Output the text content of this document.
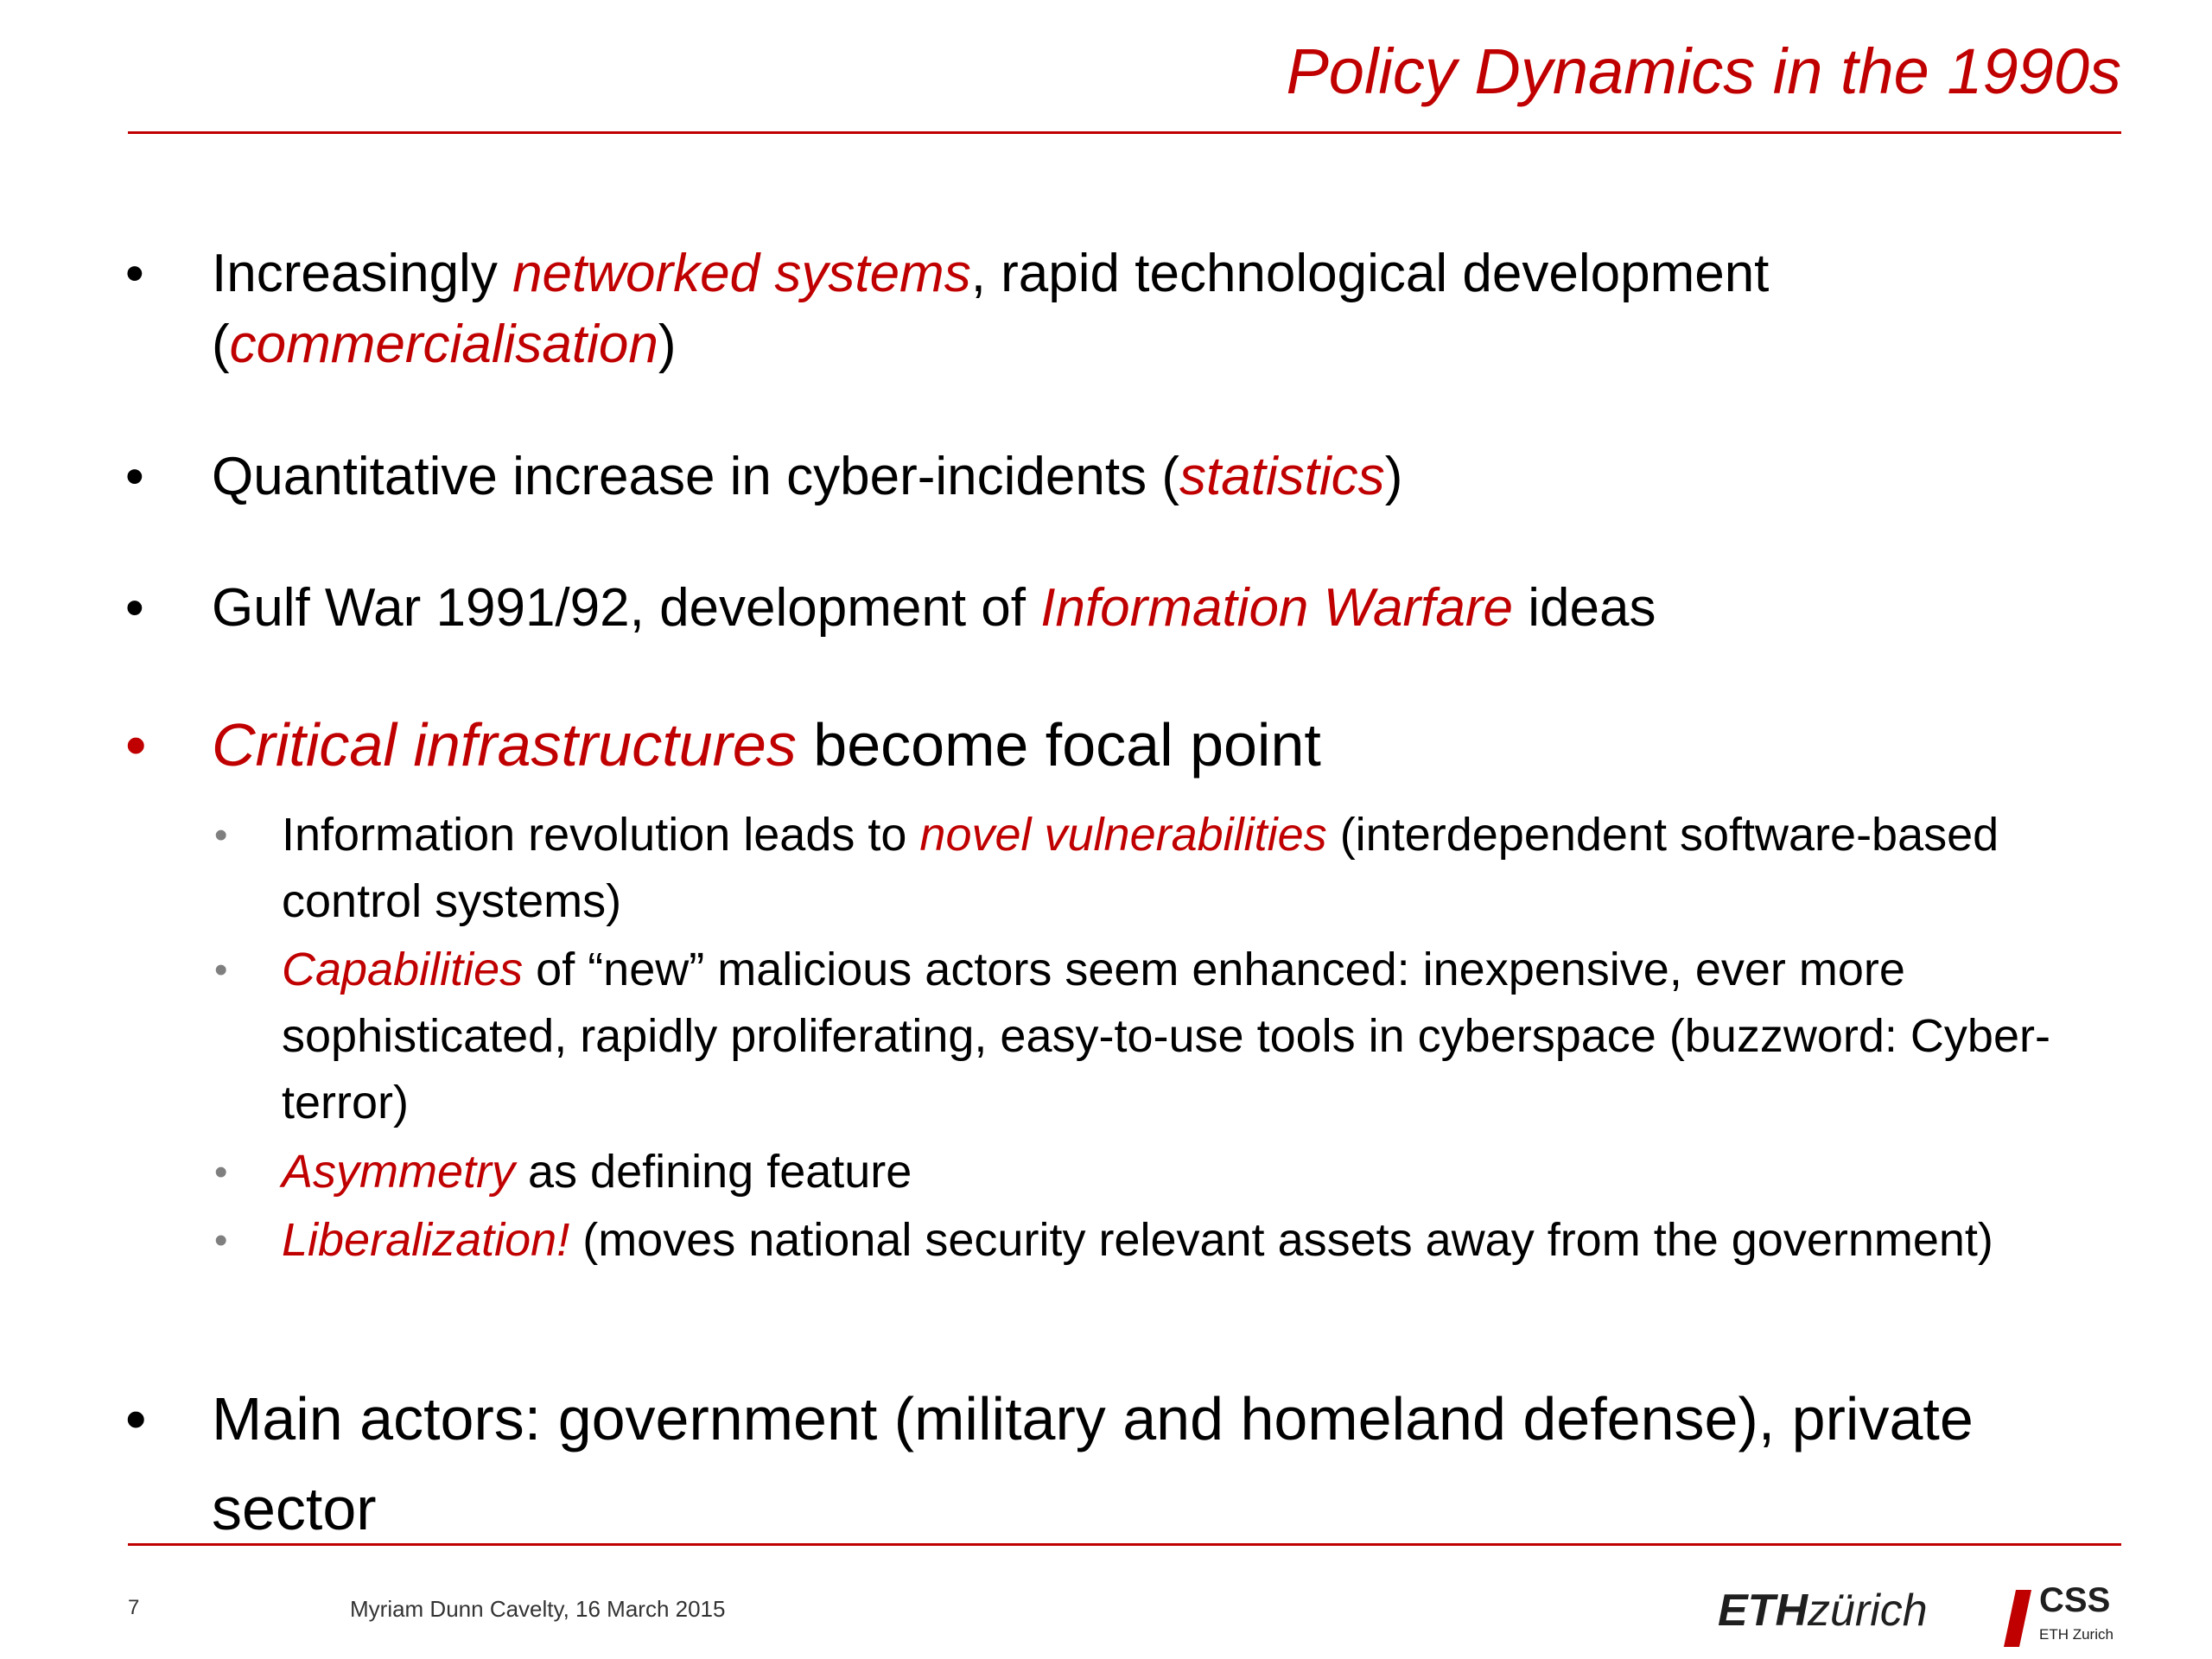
Policy Dynamics in the 1990s
•	Increasingly networked systems, rapid technological development (commercialisation)
•	Quantitative increase in cyber-incidents (statistics)
•	Gulf War 1991/92, development of Information Warfare ideas
•	Critical infrastructures become focal point
• Information revolution leads to novel vulnerabilities (interdependent software-based control systems)
• Capabilities of “new” malicious actors seem enhanced: inexpensive, ever more sophisticated, rapidly proliferating, easy-to-use tools in cyberspace (buzzword: Cyber-terror)
• Asymmetry as defining feature
• Liberalization! (moves national security relevant assets away from the government)
•	Main actors: government (military and homeland defense), private sector
7	Myriam Dunn Cavelty, 16 March 2015	ETHzürich	CSS
ETH Zurich
